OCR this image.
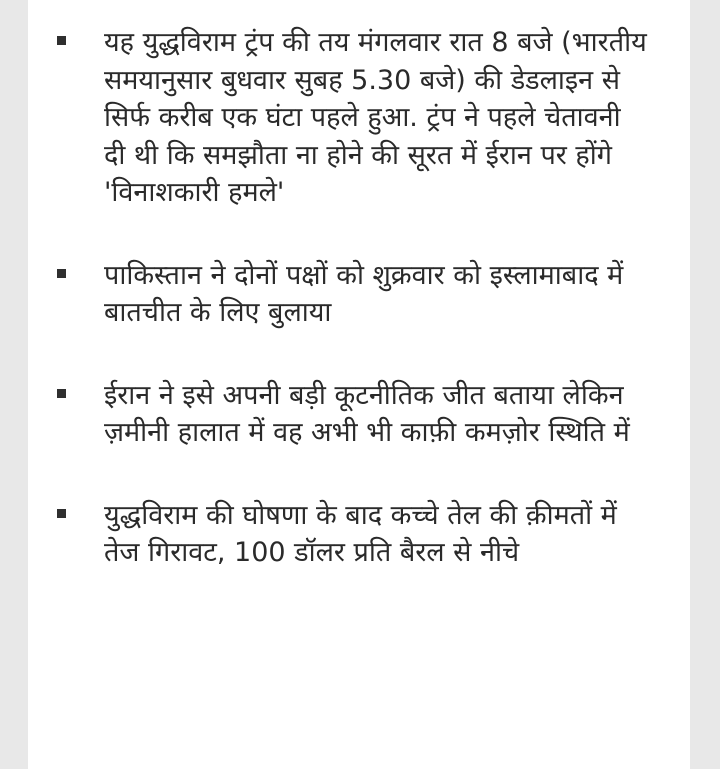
यह युद्धविराम ट्रंप की तय मंगलवार रात 8 बजे (भारतीय समयानुसार बुधवार सुबह 5.30 बजे) की डेडलाइन से सिर्फ करीब एक घंटा पहले हुआ. ट्रंप ने पहले चेतावनी दी थी कि समझौता ना होने की सूरत में ईरान पर होंगे 'विनाशकारी हमले'
पाकिस्तान ने दोनों पक्षों को शुक्रवार को इस्लामाबाद में बातचीत के लिए बुलाया
ईरान ने इसे अपनी बड़ी कूटनीतिक जीत बताया लेकिन ज़मीनी हालात में वह अभी भी काफ़ी कमज़ोर स्थिति में
युद्धविराम की घोषणा के बाद कच्चे तेल की क़ीमतों में तेज गिरावट, 100 डॉलर प्रति बैरल से नीचे
